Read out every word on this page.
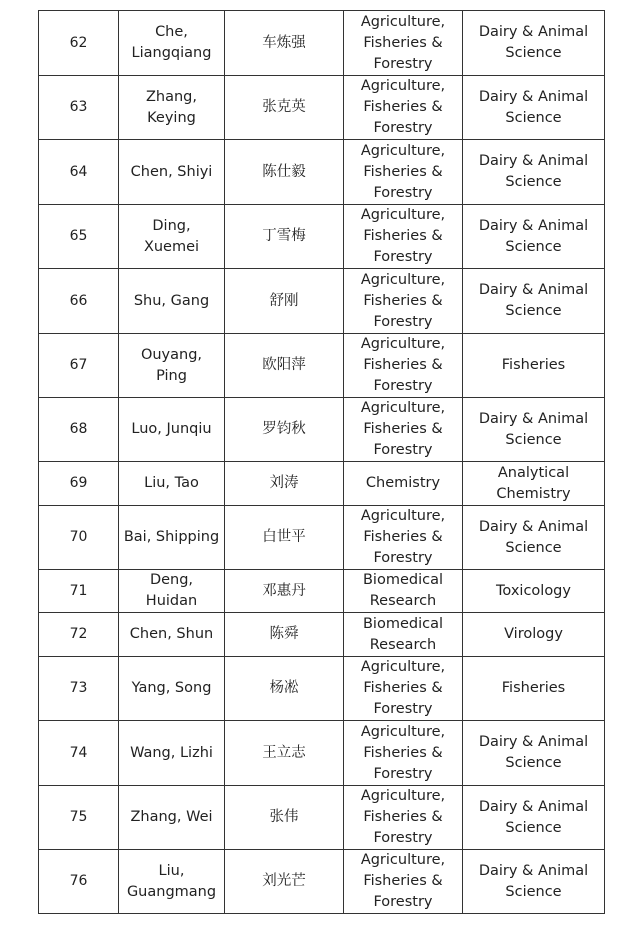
62	Che,
Liangqiang	车炼强	Agriculture,
Fisheries &
Forestry	Dairy & Animal
Science
63	Zhang,
Keying	张克英	Agriculture,
Fisheries &
Forestry	Dairy & Animal
Science
64	Chen, Shiyi	陈仕毅	Agriculture,
Fisheries &
Forestry	Dairy & Animal
Science
65	Ding,
Xuemei	丁雪梅	Agriculture,
Fisheries &
Forestry	Dairy & Animal
Science
66	Shu, Gang	舒刚	Agriculture,
Fisheries &
Forestry	Dairy & Animal
Science
67	Ouyang,
Ping	欧阳萍	Agriculture,
Fisheries &
Forestry	Fisheries
68	Luo, Junqiu	罗钧秋	Agriculture,
Fisheries &
Forestry	Dairy & Animal
Science
69	Liu, Tao	刘涛	Chemistry	Analytical
Chemistry
70	Bai, Shipping	白世平	Agriculture,
Fisheries &
Forestry	Dairy & Animal
Science
71	Deng,
Huidan	邓惠丹	Biomedical
Research	Toxicology
72	Chen, Shun	陈舜	Biomedical
Research	Virology
73	Yang, Song	杨凇	Agriculture,
Fisheries &
Forestry	Fisheries
74	Wang, Lizhi	王立志	Agriculture,
Fisheries &
Forestry	Dairy & Animal
Science
75	Zhang, Wei	张伟	Agriculture,
Fisheries &
Forestry	Dairy & Animal
Science
76	Liu,
Guangmang	刘光芒	Agriculture,
Fisheries &
Forestry	Dairy & Animal
Science
